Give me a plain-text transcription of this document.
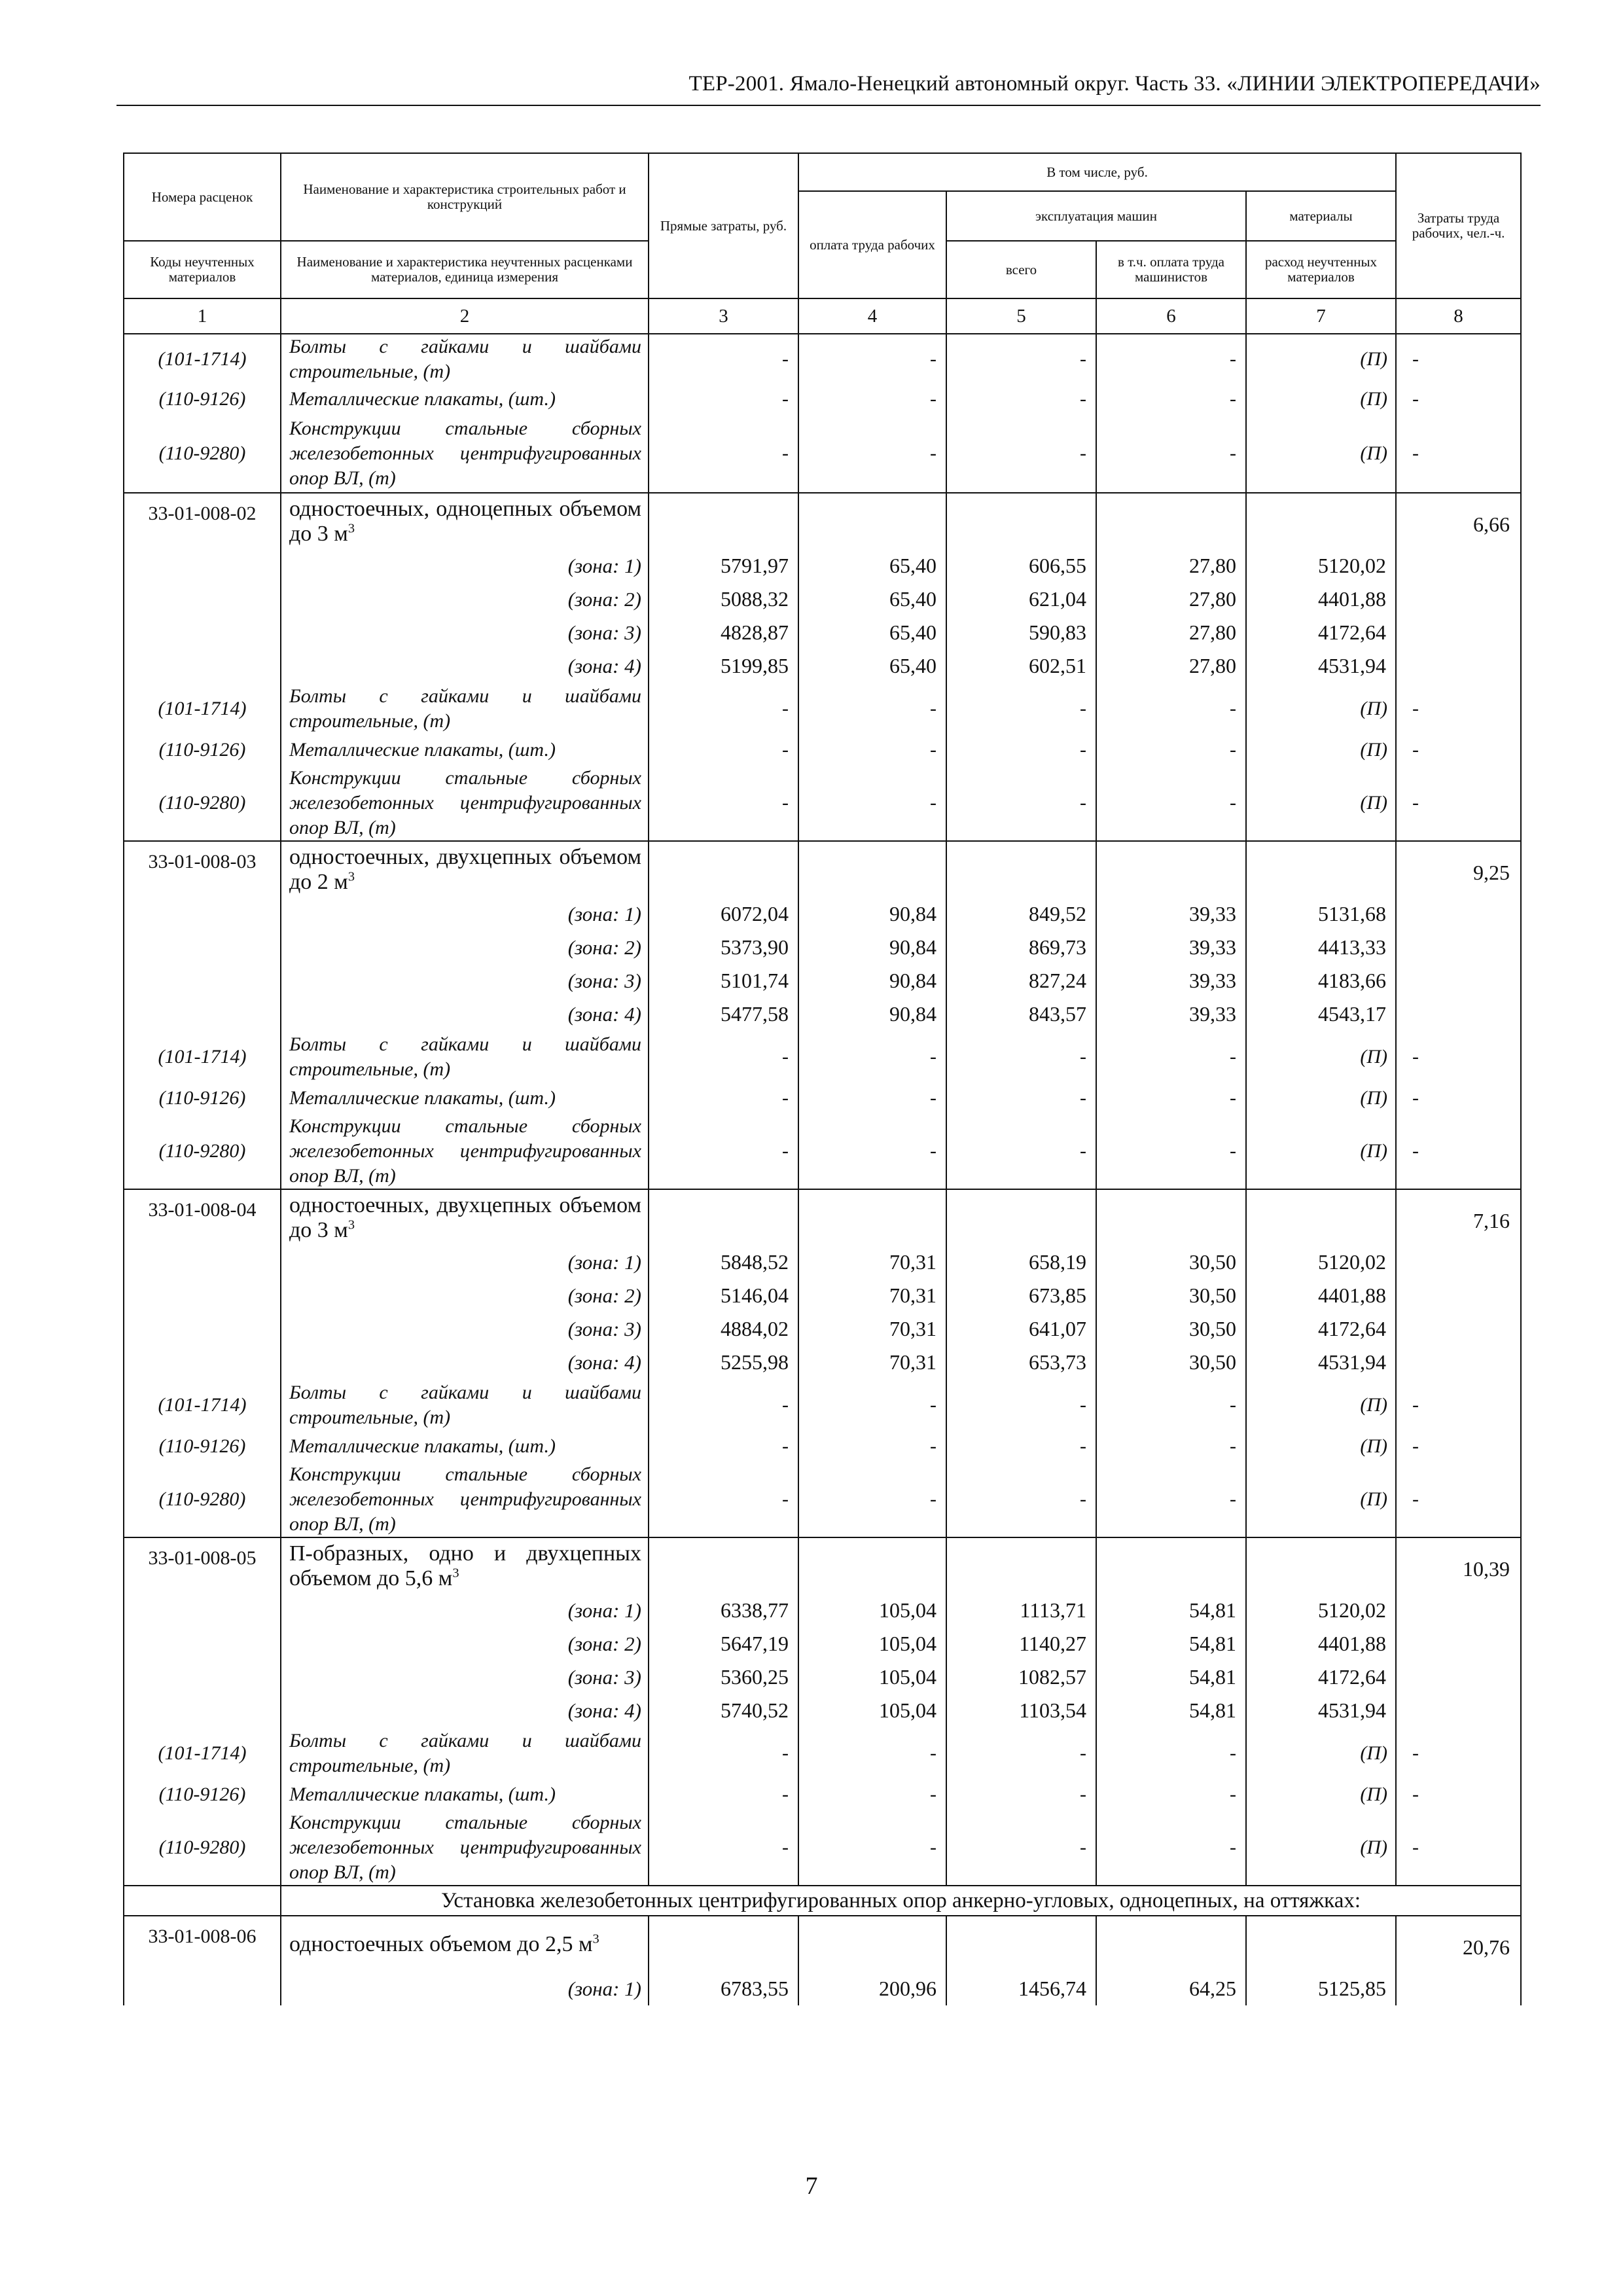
ТЕР-2001. Ямало-Ненецкий автономный округ. Часть 33. «ЛИНИИ ЭЛЕКТРОПЕРЕДАЧИ»
Номера расценок	Наименование и характеристика строительных работ и конструкций	Прямые затраты, руб.	В том числе, руб.				Затраты труда рабочих, чел.-ч.
			оплата труда рабочих	эксплуатация машин		материалы	
Коды неучтенных материалов	Наименование и характеристика неучтенных расценками материалов, единица измерения			всего	в т.ч. оплата труда машинистов	расход неучтенных материалов	
1	2	3	4	5	6	7	8
(101-1714)	Болты с гайками и шайбами строительные, (т)	-	-	-	-	(П)	-
(110-9126)	Металлические плакаты, (шт.)	-	-	-	-	(П)	-
(110-9280)	Конструкции стальные сборных железобетонных центрифугированных опор ВЛ, (т)	-	-	-	-	(П)	-
33-01-008-02	одностоечных, одноцепных объемом до 3 $м^3$						6,66
	(зона: 1)	5791,97	65,40	606,55	27,80	5120,02	
	(зона: 2)	5088,32	65,40	621,04	27,80	4401,88	
	(зона: 3)	4828,87	65,40	590,83	27,80	4172,64	
	(зона: 4)	5199,85	65,40	602,51	27,80	4531,94	
(101-1714)	Болты с гайками и шайбами строительные, (т)	-	-	-	-	(П)	-
(110-9126)	Металлические плакаты, (шт.)	-	-	-	-	(П)	-
(110-9280)	Конструкции стальные сборных железобетонных центрифугированных опор ВЛ, (т)	-	-	-	-	(П)	-
33-01-008-03	одностоечных, двухцепных объемом до 2 $м^3$						9,25
	(зона: 1)	6072,04	90,84	849,52	39,33	5131,68	
	(зона: 2)	5373,90	90,84	869,73	39,33	4413,33	
	(зона: 3)	5101,74	90,84	827,24	39,33	4183,66	
	(зона: 4)	5477,58	90,84	843,57	39,33	4543,17	
(101-1714)	Болты с гайками и шайбами строительные, (т)	-	-	-	-	(П)	-
(110-9126)	Металлические плакаты, (шт.)	-	-	-	-	(П)	-
(110-9280)	Конструкции стальные сборных железобетонных центрифугированных опор ВЛ, (т)	-	-	-	-	(П)	-
33-01-008-04	одностоечных, двухцепных объемом до 3 $м^3$						7,16
	(зона: 1)	5848,52	70,31	658,19	30,50	5120,02	
	(зона: 2)	5146,04	70,31	673,85	30,50	4401,88	
	(зона: 3)	4884,02	70,31	641,07	30,50	4172,64	
	(зона: 4)	5255,98	70,31	653,73	30,50	4531,94	
(101-1714)	Болты с гайками и шайбами строительные, (т)	-	-	-	-	(П)	-
(110-9126)	Металлические плакаты, (шт.)	-	-	-	-	(П)	-
(110-9280)	Конструкции стальные сборных железобетонных центрифугированных опор ВЛ, (т)	-	-	-	-	(П)	-
33-01-008-05	П-образных, одно и двухцепных объемом до 5,6 $м^3$						10,39
	(зона: 1)	6338,77	105,04	1113,71	54,81	5120,02	
	(зона: 2)	5647,19	105,04	1140,27	54,81	4401,88	
	(зона: 3)	5360,25	105,04	1082,57	54,81	4172,64	
	(зона: 4)	5740,52	105,04	1103,54	54,81	4531,94	
(101-1714)	Болты с гайками и шайбами строительные, (т)	-	-	-	-	(П)	-
(110-9126)	Металлические плакаты, (шт.)	-	-	-	-	(П)	-
(110-9280)	Конструкции стальные сборных железобетонных центрифугированных опор ВЛ, (т)	-	-	-	-	(П)	-
	Установка железобетонных центрифугированных опор анкерно-угловых, одноцепных, на оттяжках:						
33-01-008-06	одностоечных объемом до 2,5 $м^3$						20,76
	(зона: 1)	6783,55	200,96	1456,74	64,25	5125,85	
7
